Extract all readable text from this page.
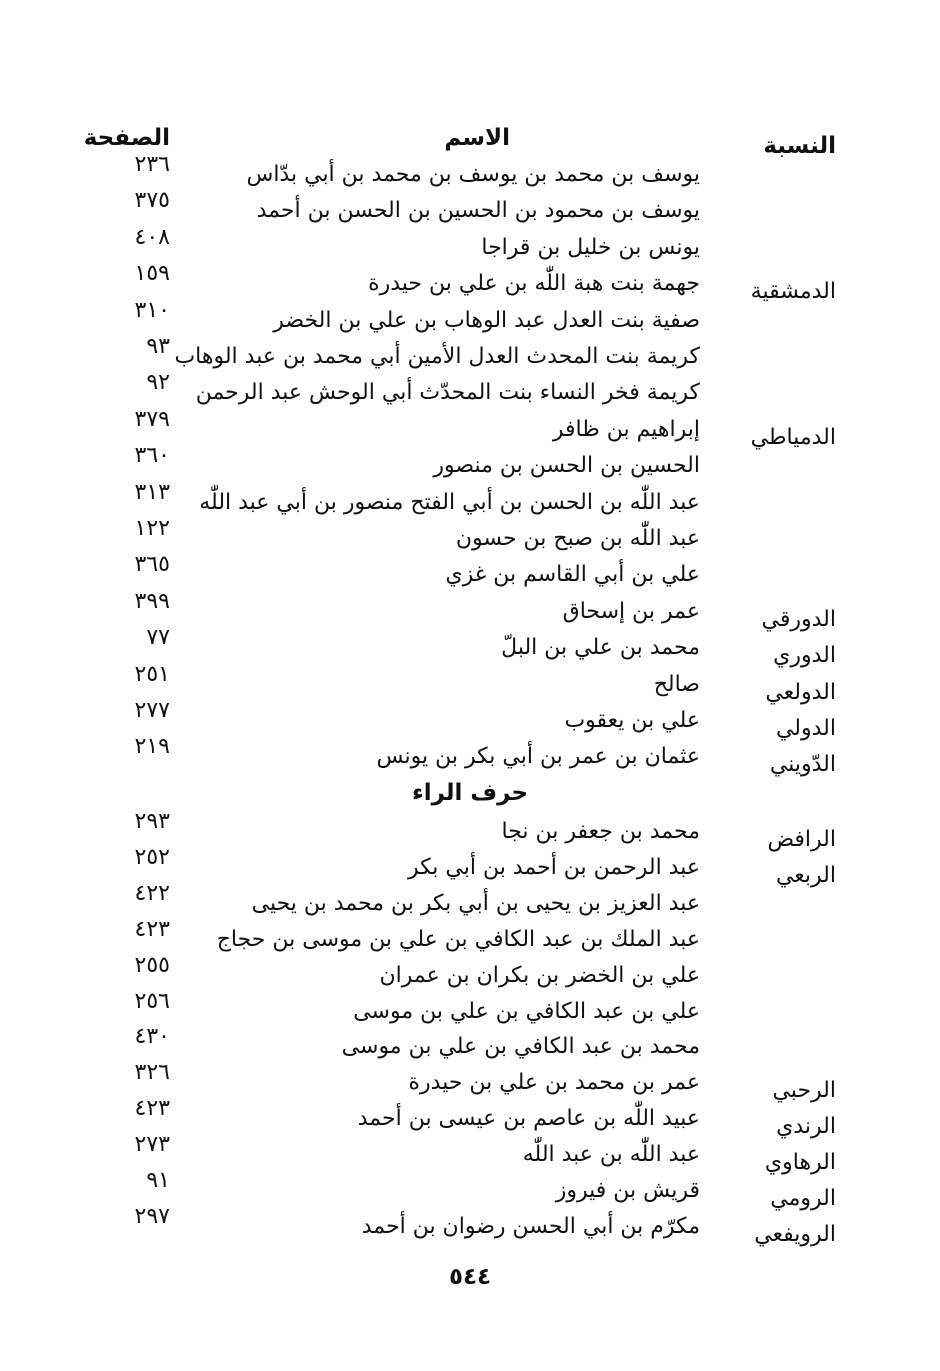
النسبة
الاسم
الصفحة
يوسف بن محمد بن يوسف بن محمد بن أبي بدّاس
٢٣٦
يوسف بن محمود بن الحسين بن الحسن بن أحمد
٣٧٥
يونس بن خليل بن قراجا
٤٠٨
الدمشقية
جهمة بنت هبة اللّٰه بن علي بن حيدرة
١٥٩
صفية بنت العدل عبد الوهاب بن علي بن الخضر
٣١٠
كريمة بنت المحدث العدل الأمين أبي محمد بن عبد الوهاب
٩٣
كريمة فخر النساء بنت المحدّث أبي الوحش عبد الرحمن
٩٢
الدمياطي
إبراهيم بن ظافر
٣٧٩
الحسين بن الحسن بن منصور
٣٦٠
عبد اللّٰه بن الحسن بن أبي الفتح منصور بن أبي عبد اللّٰه
٣١٣
عبد اللّٰه بن صبح بن حسون
١٢٢
علي بن أبي القاسم بن غزي
٣٦٥
الدورقي
عمر بن إسحاق
٣٩٩
الدوري
محمد بن علي بن البلّ
٧٧
الدولعي
صالح
٢٥١
الدولي
علي بن يعقوب
٢٧٧
الدّويني
عثمان بن عمر بن أبي بكر بن يونس
٢١٩
حرف الراء
الرافض
محمد بن جعفر بن نجا
٢٩٣
الربعي
عبد الرحمن بن أحمد بن أبي بكر
٢٥٢
عبد العزيز بن يحيى بن أبي بكر بن محمد بن يحيى
٤٢٢
عبد الملك بن عبد الكافي بن علي بن موسى بن حجاج
٤٢٣
علي بن الخضر بن بكران بن عمران
٢٥٥
علي بن عبد الكافي بن علي بن موسى
٢٥٦
محمد بن عبد الكافي بن علي بن موسى
٤٣٠
الرحبي
عمر بن محمد بن علي بن حيدرة
٣٢٦
الرندي
عبيد اللّٰه بن عاصم بن عيسى بن أحمد
٤٢٣
الرهاوي
عبد اللّٰه بن عبد اللّٰه
٢٧٣
الرومي
قريش بن فيروز
٩١
الرويفعي
مكرّم بن أبي الحسن رضوان بن أحمد
٢٩٧
٥٤٤
